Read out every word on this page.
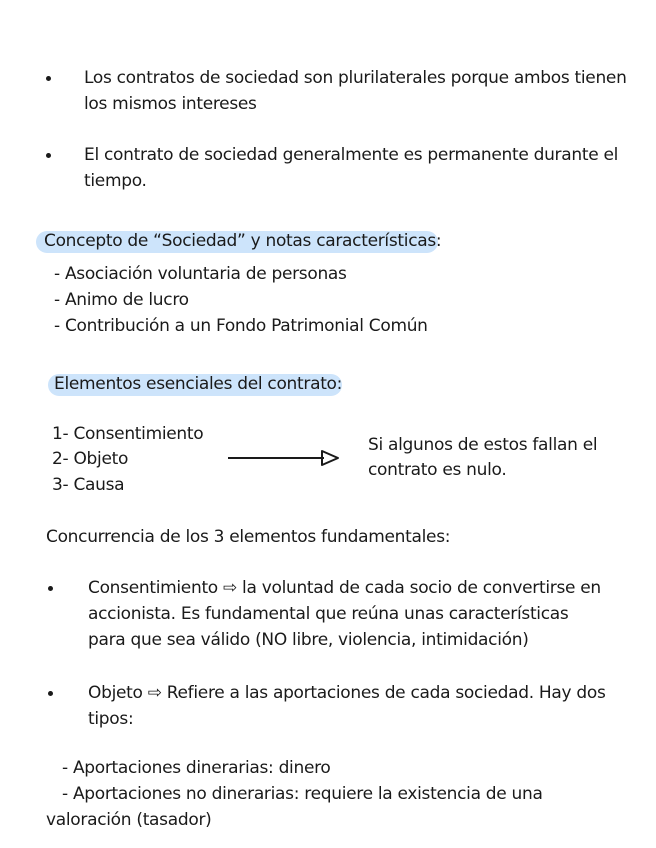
Los contratos de sociedad son plurilaterales porque ambos tienen
los mismos intereses
El contrato de sociedad generalmente es permanente durante el
tiempo.
Concepto de “Sociedad” y notas características:
- Asociación voluntaria de personas
- Animo de lucro
- Contribución a un Fondo Patrimonial Común
Elementos esenciales del contrato:
1- Consentimiento
2- Objeto
3- Causa
Si algunos de estos fallan el
contrato es nulo.
Concurrencia de los 3 elementos fundamentales:
Consentimiento ⇨ la voluntad de cada socio de convertirse en
accionista. Es fundamental que reúna unas características
para que sea válido (NO libre, violencia, intimidación)
Objeto ⇨ Refiere a las aportaciones de cada sociedad. Hay dos
tipos:
- Aportaciones dinerarias: dinero
- Aportaciones no dinerarias: requiere la existencia de una
valoración (tasador)
